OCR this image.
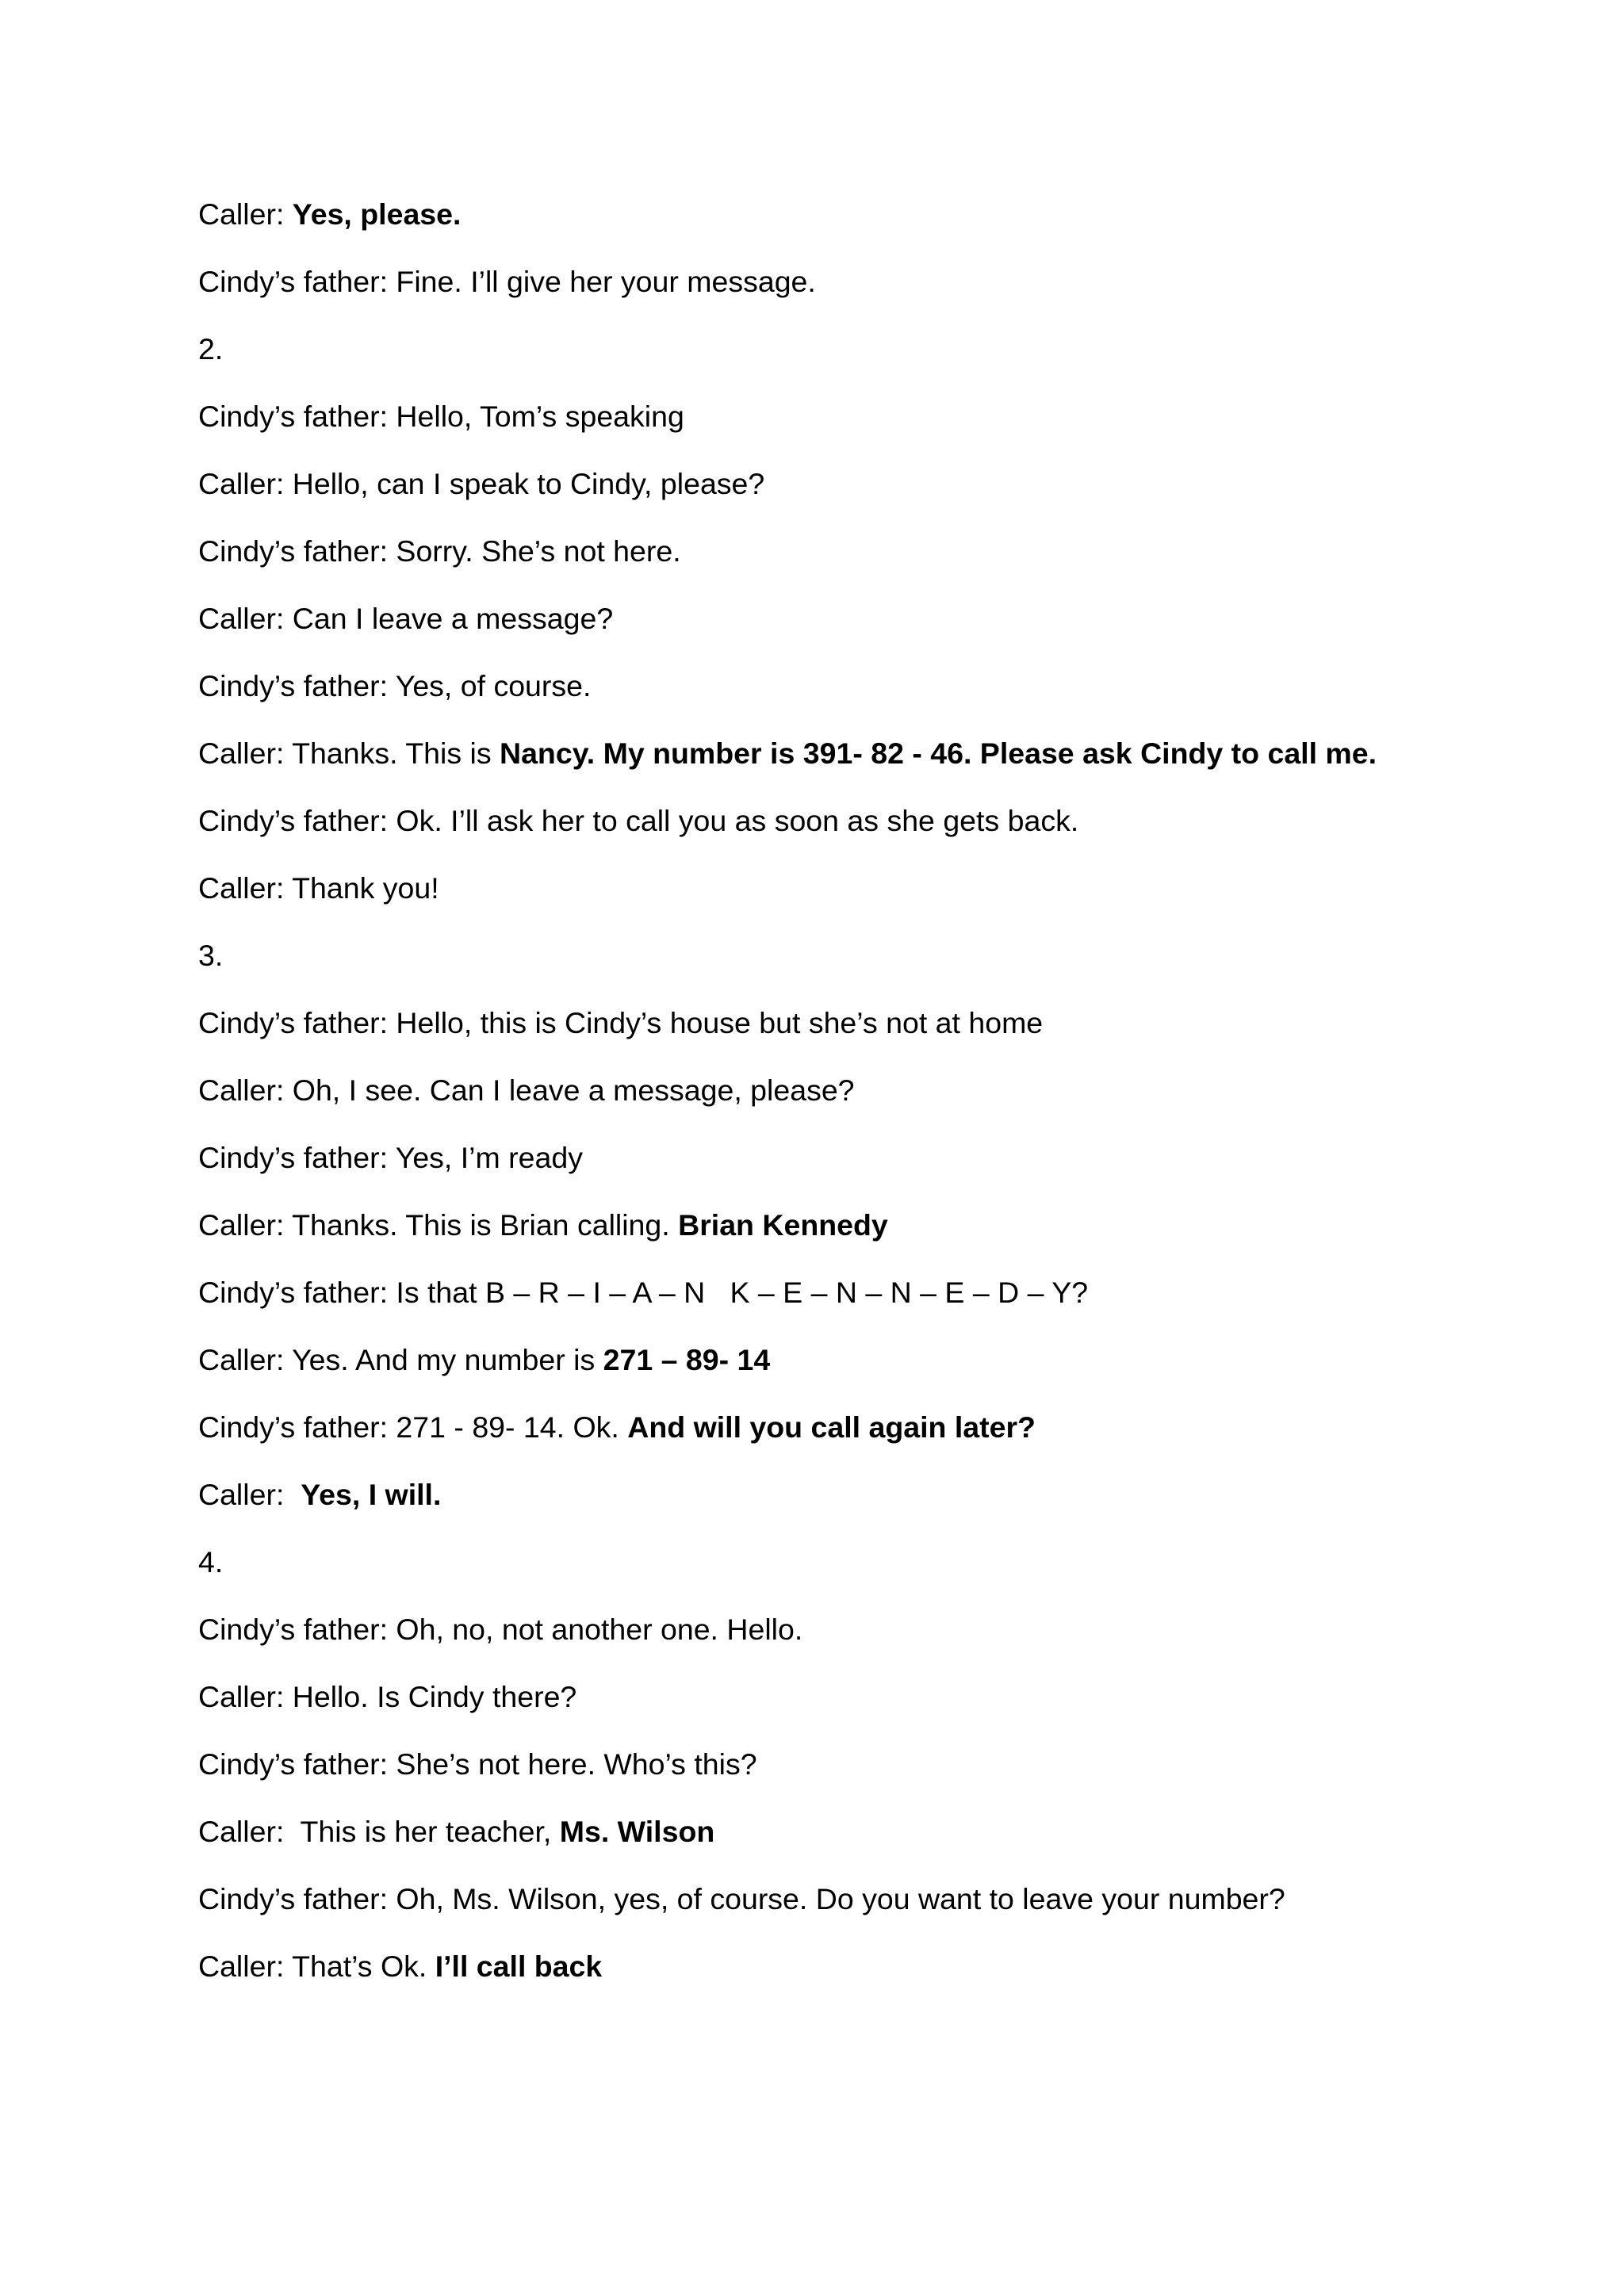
Caller: Yes, please.
Cindy’s father: Fine. I’ll give her your message.
2.
Cindy’s father: Hello, Tom’s speaking
Caller: Hello, can I speak to Cindy, please?
Cindy’s father: Sorry. She’s not here.
Caller: Can I leave a message?
Cindy’s father: Yes, of course.
Caller: Thanks. This is Nancy. My number is 391- 82 - 46. Please ask Cindy to call me.
Cindy’s father: Ok. I’ll ask her to call you as soon as she gets back.
Caller: Thank you!
3.
Cindy’s father: Hello, this is Cindy’s house but she’s not at home
Caller: Oh, I see. Can I leave a message, please?
Cindy’s father: Yes, I’m ready
Caller: Thanks. This is Brian calling. Brian Kennedy
Cindy’s father: Is that B – R – I – A – N   K – E – N – N – E – D – Y?
Caller: Yes. And my number is 271 – 89- 14
Cindy’s father: 271 - 89- 14. Ok. And will you call again later?
Caller:  Yes, I will.
4.
Cindy’s father: Oh, no, not another one. Hello.
Caller: Hello. Is Cindy there?
Cindy’s father: She’s not here. Who’s this?
Caller:  This is her teacher, Ms. Wilson
Cindy’s father: Oh, Ms. Wilson, yes, of course. Do you want to leave your number?
Caller: That’s Ok. I’ll call back
